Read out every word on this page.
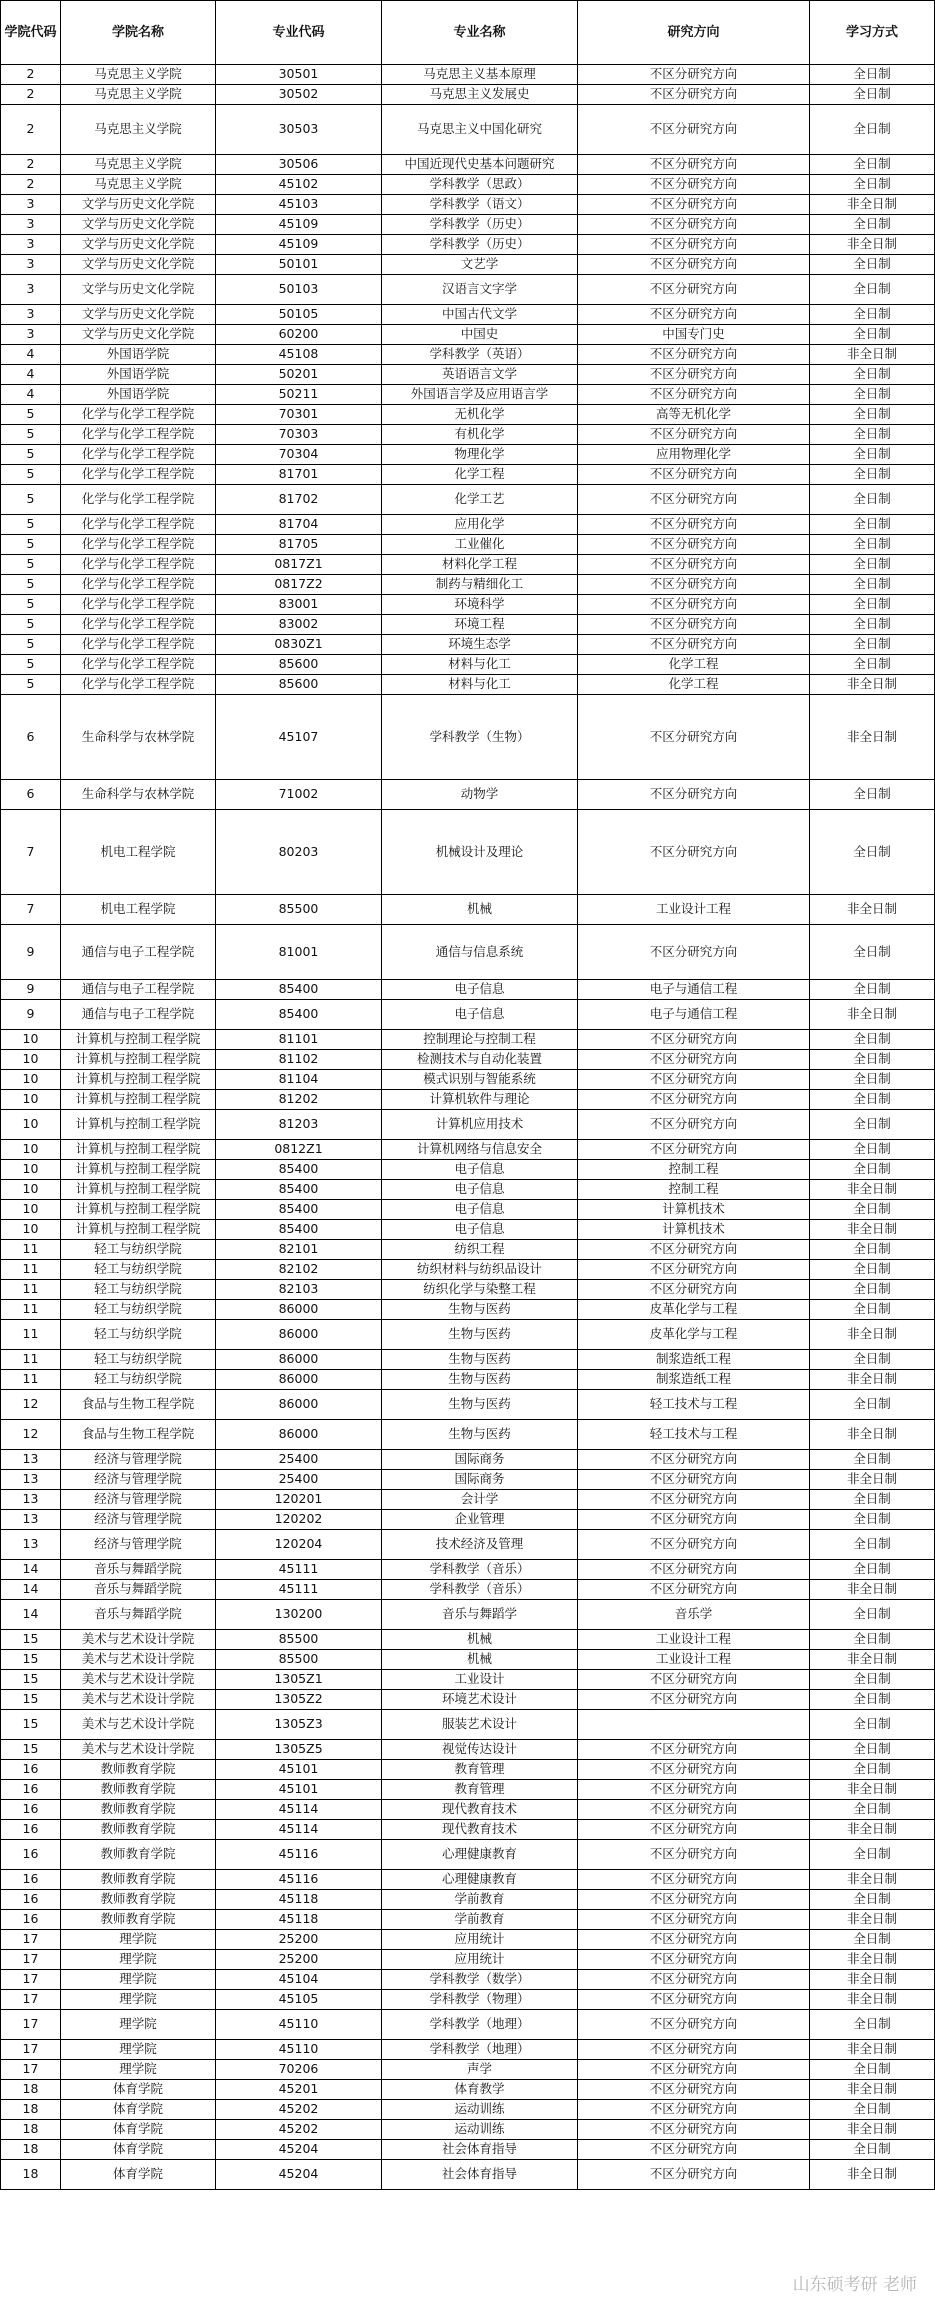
学院代码	学院名称	专业代码	专业名称	研究方向	学习方式
2	马克思主义学院	30501	马克思主义基本原理	不区分研究方向	全日制
2	马克思主义学院	30502	马克思主义发展史	不区分研究方向	全日制
2	马克思主义学院	30503	马克思主义中国化研究	不区分研究方向	全日制
2	马克思主义学院	30506	中国近现代史基本问题研究	不区分研究方向	全日制
2	马克思主义学院	45102	学科教学（思政）	不区分研究方向	全日制
3	文学与历史文化学院	45103	学科教学（语文）	不区分研究方向	非全日制
3	文学与历史文化学院	45109	学科教学（历史）	不区分研究方向	全日制
3	文学与历史文化学院	45109	学科教学（历史）	不区分研究方向	非全日制
3	文学与历史文化学院	50101	文艺学	不区分研究方向	全日制
3	文学与历史文化学院	50103	汉语言文字学	不区分研究方向	全日制
3	文学与历史文化学院	50105	中国古代文学	不区分研究方向	全日制
3	文学与历史文化学院	60200	中国史	中国专门史	全日制
4	外国语学院	45108	学科教学（英语）	不区分研究方向	非全日制
4	外国语学院	50201	英语语言文学	不区分研究方向	全日制
4	外国语学院	50211	外国语言学及应用语言学	不区分研究方向	全日制
5	化学与化学工程学院	70301	无机化学	高等无机化学	全日制
5	化学与化学工程学院	70303	有机化学	不区分研究方向	全日制
5	化学与化学工程学院	70304	物理化学	应用物理化学	全日制
5	化学与化学工程学院	81701	化学工程	不区分研究方向	全日制
5	化学与化学工程学院	81702	化学工艺	不区分研究方向	全日制
5	化学与化学工程学院	81704	应用化学	不区分研究方向	全日制
5	化学与化学工程学院	81705	工业催化	不区分研究方向	全日制
5	化学与化学工程学院	0817Z1	材料化学工程	不区分研究方向	全日制
5	化学与化学工程学院	0817Z2	制药与精细化工	不区分研究方向	全日制
5	化学与化学工程学院	83001	环境科学	不区分研究方向	全日制
5	化学与化学工程学院	83002	环境工程	不区分研究方向	全日制
5	化学与化学工程学院	0830Z1	环境生态学	不区分研究方向	全日制
5	化学与化学工程学院	85600	材料与化工	化学工程	全日制
5	化学与化学工程学院	85600	材料与化工	化学工程	非全日制
6	生命科学与农林学院	45107	学科教学（生物）	不区分研究方向	非全日制
6	生命科学与农林学院	71002	动物学	不区分研究方向	全日制
7	机电工程学院	80203	机械设计及理论	不区分研究方向	全日制
7	机电工程学院	85500	机械	工业设计工程	非全日制
9	通信与电子工程学院	81001	通信与信息系统	不区分研究方向	全日制
9	通信与电子工程学院	85400	电子信息	电子与通信工程	全日制
9	通信与电子工程学院	85400	电子信息	电子与通信工程	非全日制
10	计算机与控制工程学院	81101	控制理论与控制工程	不区分研究方向	全日制
10	计算机与控制工程学院	81102	检测技术与自动化装置	不区分研究方向	全日制
10	计算机与控制工程学院	81104	模式识别与智能系统	不区分研究方向	全日制
10	计算机与控制工程学院	81202	计算机软件与理论	不区分研究方向	全日制
10	计算机与控制工程学院	81203	计算机应用技术	不区分研究方向	全日制
10	计算机与控制工程学院	0812Z1	计算机网络与信息安全	不区分研究方向	全日制
10	计算机与控制工程学院	85400	电子信息	控制工程	全日制
10	计算机与控制工程学院	85400	电子信息	控制工程	非全日制
10	计算机与控制工程学院	85400	电子信息	计算机技术	全日制
10	计算机与控制工程学院	85400	电子信息	计算机技术	非全日制
11	轻工与纺织学院	82101	纺织工程	不区分研究方向	全日制
11	轻工与纺织学院	82102	纺织材料与纺织品设计	不区分研究方向	全日制
11	轻工与纺织学院	82103	纺织化学与染整工程	不区分研究方向	全日制
11	轻工与纺织学院	86000	生物与医药	皮革化学与工程	全日制
11	轻工与纺织学院	86000	生物与医药	皮革化学与工程	非全日制
11	轻工与纺织学院	86000	生物与医药	制浆造纸工程	全日制
11	轻工与纺织学院	86000	生物与医药	制浆造纸工程	非全日制
12	食品与生物工程学院	86000	生物与医药	轻工技术与工程	全日制
12	食品与生物工程学院	86000	生物与医药	轻工技术与工程	非全日制
13	经济与管理学院	25400	国际商务	不区分研究方向	全日制
13	经济与管理学院	25400	国际商务	不区分研究方向	非全日制
13	经济与管理学院	120201	会计学	不区分研究方向	全日制
13	经济与管理学院	120202	企业管理	不区分研究方向	全日制
13	经济与管理学院	120204	技术经济及管理	不区分研究方向	全日制
14	音乐与舞蹈学院	45111	学科教学（音乐）	不区分研究方向	全日制
14	音乐与舞蹈学院	45111	学科教学（音乐）	不区分研究方向	非全日制
14	音乐与舞蹈学院	130200	音乐与舞蹈学	音乐学	全日制
15	美术与艺术设计学院	85500	机械	工业设计工程	全日制
15	美术与艺术设计学院	85500	机械	工业设计工程	非全日制
15	美术与艺术设计学院	1305Z1	工业设计	不区分研究方向	全日制
15	美术与艺术设计学院	1305Z2	环境艺术设计	不区分研究方向	全日制
15	美术与艺术设计学院	1305Z3	服装艺术设计		全日制
15	美术与艺术设计学院	1305Z5	视觉传达设计	不区分研究方向	全日制
16	教师教育学院	45101	教育管理	不区分研究方向	全日制
16	教师教育学院	45101	教育管理	不区分研究方向	非全日制
16	教师教育学院	45114	现代教育技术	不区分研究方向	全日制
16	教师教育学院	45114	现代教育技术	不区分研究方向	非全日制
16	教师教育学院	45116	心理健康教育	不区分研究方向	全日制
16	教师教育学院	45116	心理健康教育	不区分研究方向	非全日制
16	教师教育学院	45118	学前教育	不区分研究方向	全日制
16	教师教育学院	45118	学前教育	不区分研究方向	非全日制
17	理学院	25200	应用统计	不区分研究方向	全日制
17	理学院	25200	应用统计	不区分研究方向	非全日制
17	理学院	45104	学科教学（数学）	不区分研究方向	非全日制
17	理学院	45105	学科教学（物理）	不区分研究方向	非全日制
17	理学院	45110	学科教学（地理）	不区分研究方向	全日制
17	理学院	45110	学科教学（地理）	不区分研究方向	非全日制
17	理学院	70206	声学	不区分研究方向	全日制
18	体育学院	45201	体育教学	不区分研究方向	非全日制
18	体育学院	45202	运动训练	不区分研究方向	全日制
18	体育学院	45202	运动训练	不区分研究方向	非全日制
18	体育学院	45204	社会体育指导	不区分研究方向	全日制
18	体育学院	45204	社会体育指导	不区分研究方向	非全日制
山东硕考研 老师
